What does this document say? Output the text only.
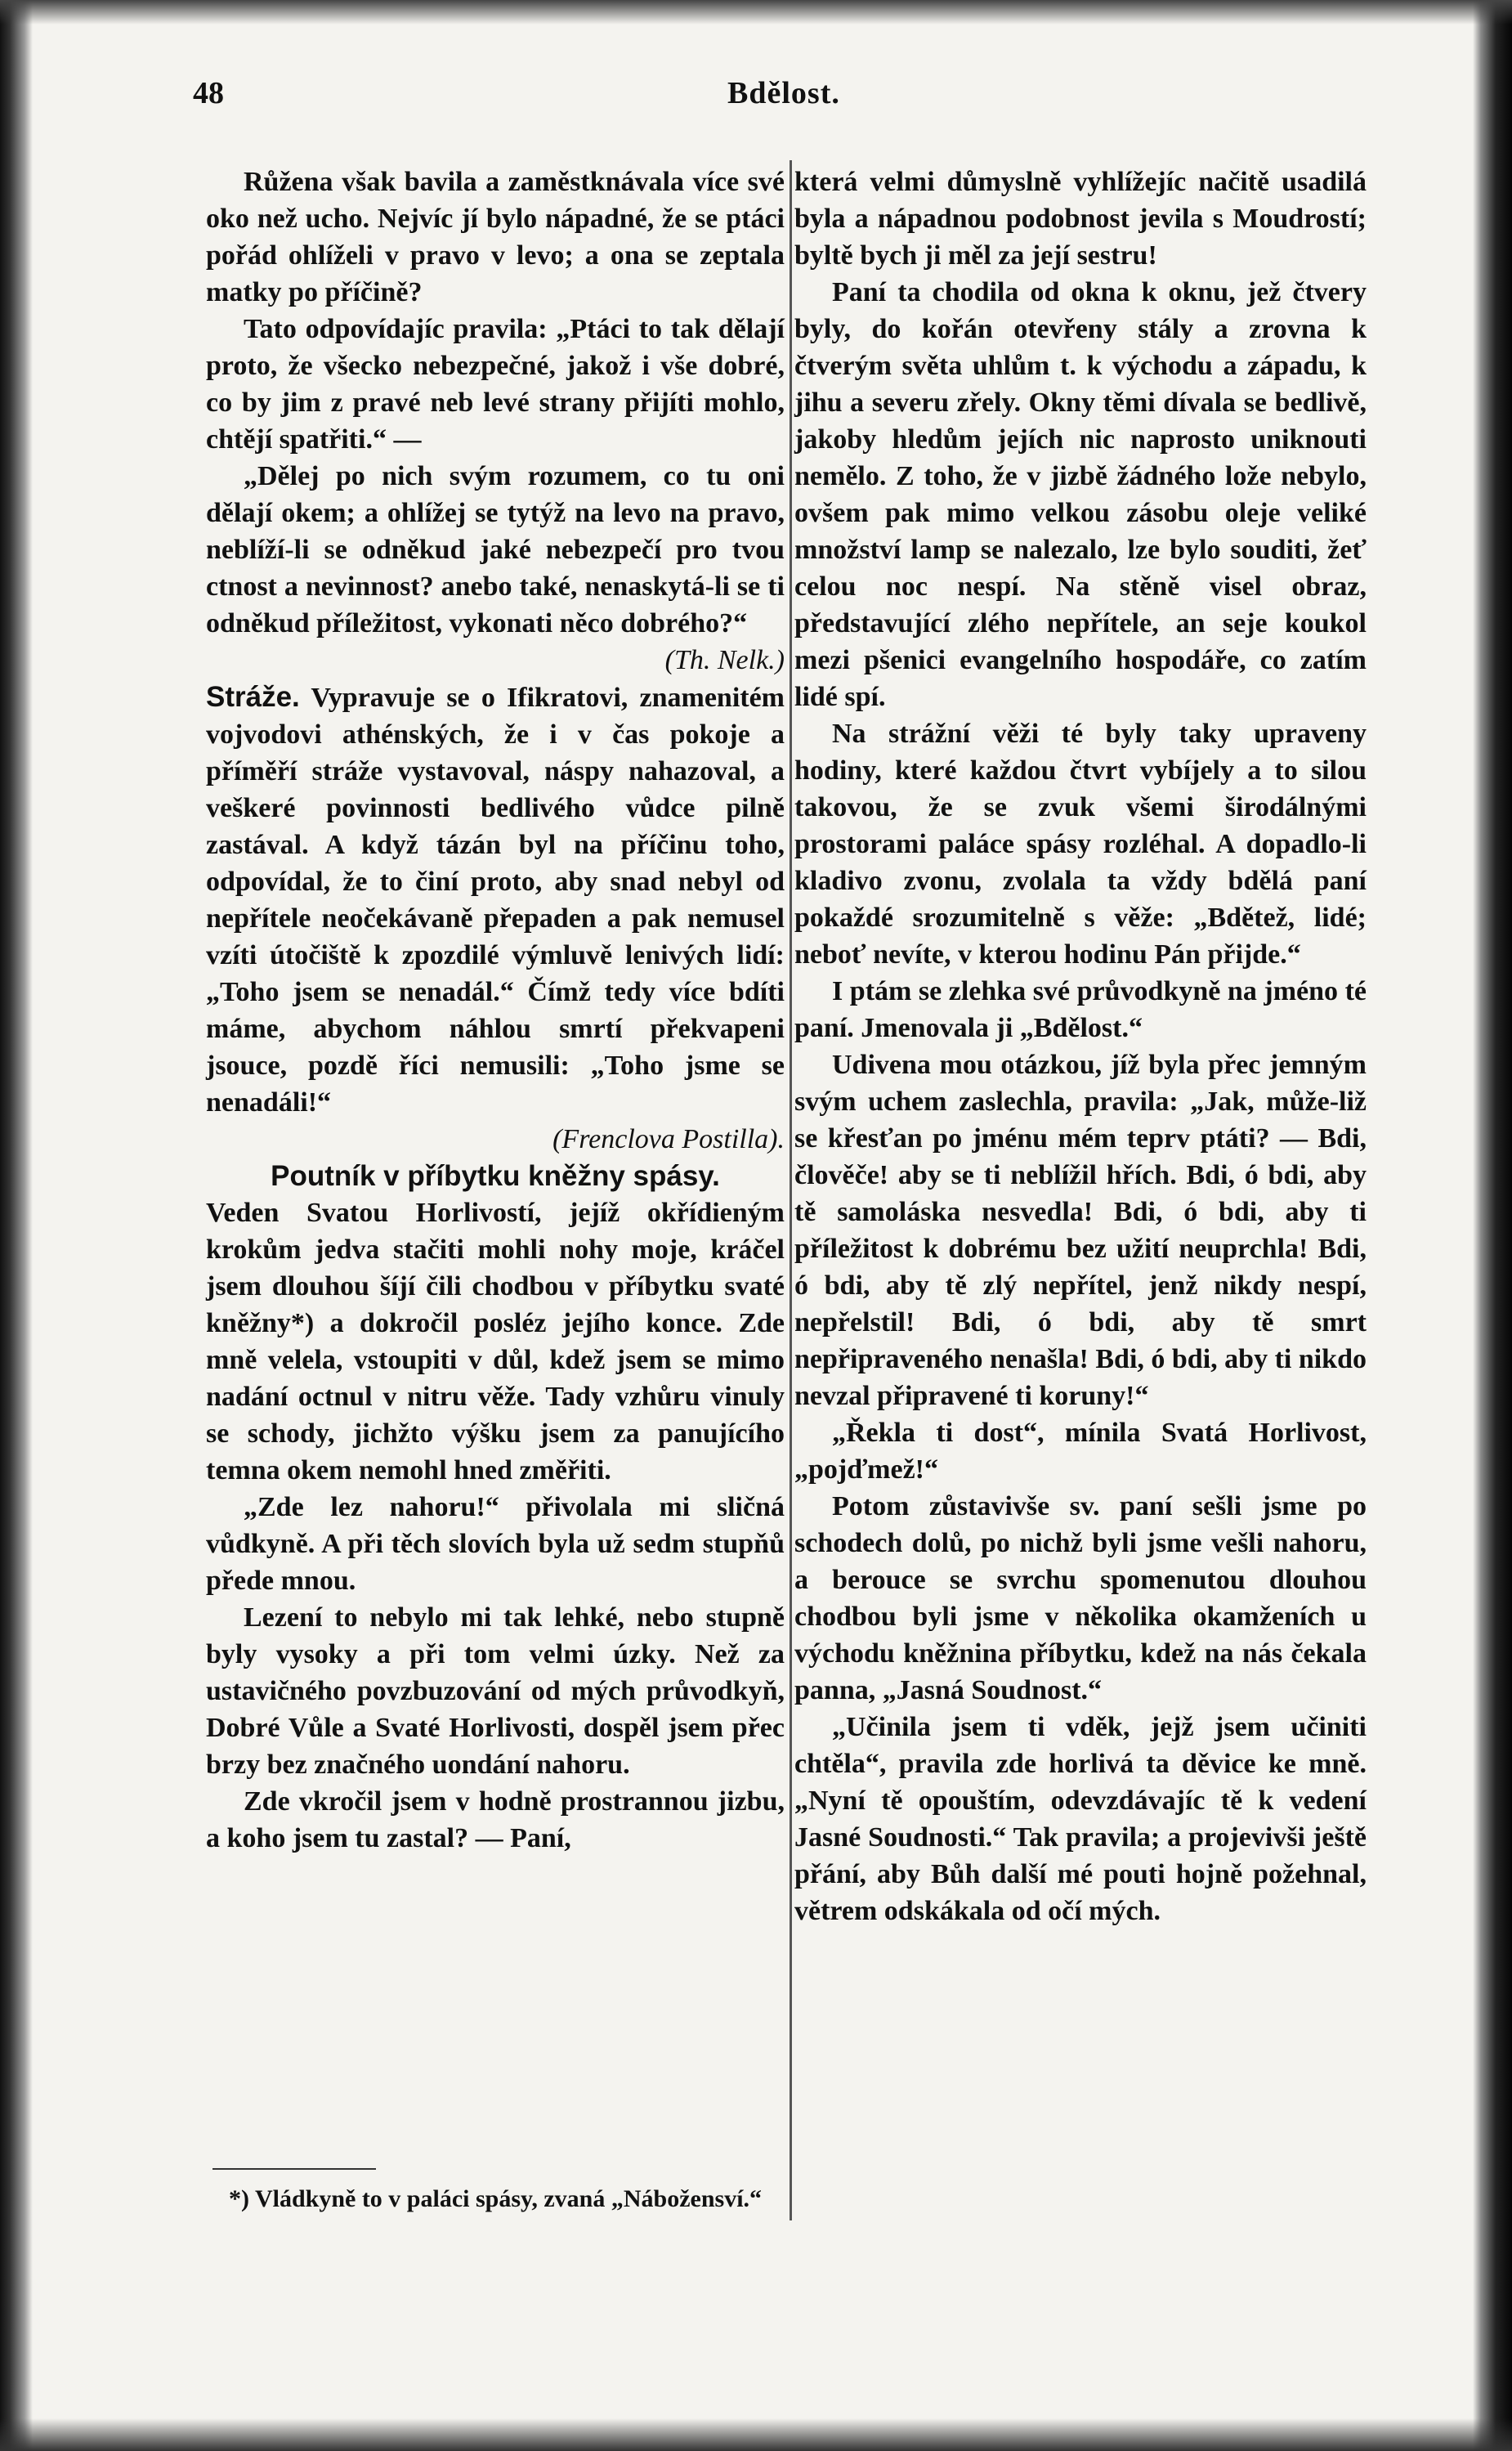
48	Bdělost.

Růžena však bavila a zaměstknávala více své oko než ucho. Nejvíc jí bylo nápadné, že se ptáci pořád ohlíželi v pravo v levo; a ona se zeptala matky po příčině?

Tato odpovídajíc pravila: „Ptáci to tak dělají proto, že všecko nebezpečné, jakož i vše dobré, co by jim z pravé neb levé strany přijíti mohlo, chtějí spatřiti.“ —

„Dělej po nich svým rozumem, co tu oni dělají okem; a ohlížej se tytýž na levo na pravo, neblíží-li se odněkud jaké nebezpečí pro tvou ctnost a nevinnost? anebo také, nenaskytá-li se ti odněkud příležitost, vykonati něco dobrého?“

(Th. Nelk.)

Stráže. Vypravuje se o Ifikratovi, znamenitém vojvodovi athénských, že i v čas pokoje a příměří stráže vystavoval, náspy nahazoval, a veškeré povinnosti bedlivého vůdce pilně zastával. A když tázán byl na příčinu toho, odpovídal, že to činí proto, aby snad nebyl od nepřítele neočekávaně přepaden a pak nemusel vzíti útočiště k zpozdilé výmluvě lenivých lidí: „Toho jsem se nenadál.“ Čímž tedy více bdíti máme, abychom náhlou smrtí překvapeni jsouce, pozdě říci nemusili: „Toho jsme se nenadáli!“

(Frenclova Postilla).

Poutník v příbytku kněžny spásy.

Veden Svatou Horlivostí, jejíž okřídieným krokům jedva stačiti mohli nohy moje, kráčel jsem dlouhou šíjí čili chodbou v příbytku svaté kněžny*) a dokročil posléz jejího konce. Zde mně velela, vstoupiti v důl, kdež jsem se mimo nadání octnul v nitru věže. Tady vzhůru vinuly se schody, jichžto výšku jsem za panujícího temna okem nemohl hned změřiti.

„Zde lez nahoru!“ přivolala mi sličná vůdkyně. A při těch slovích byla už sedm stupňů přede mnou.

Lezení to nebylo mi tak lehké, nebo stupně byly vysoky a při tom velmi úzky. Než za ustavičného povzbuzování od mých průvodkyň, Dobré Vůle a Svaté Horlivosti, dospěl jsem přec brzy bez značného uondání nahoru.

Zde vkročil jsem v hodně prostrannou jizbu, a koho jsem tu zastal? — Paní,

*) Vládkyně to v paláci spásy, zvaná „Nábožensví.“

která velmi důmyslně vyhlížejíc načitě usadilá byla a nápadnou podobnost jevila s Moudrostí; byltě bych ji měl za její sestru!

Paní ta chodila od okna k oknu, jež čtvery byly, do kořán otevřeny stály a zrovna k čtverým světa uhlům t. k východu a západu, k jihu a severu zřely. Okny těmi dívala se bedlivě, jakoby hledům jejích nic naprosto uniknouti nemělo. Z toho, že v jizbě žádného lože nebylo, ovšem pak mimo velkou zásobu oleje veliké množství lamp se nalezalo, lze bylo souditi, žeť celou noc nespí. Na stěně visel obraz, představující zlého nepřítele, an seje koukol mezi pšenici evangelního hospodáře, co zatím lidé spí.

Na strážní věži té byly taky upraveny hodiny, které každou čtvrt vybíjely a to silou takovou, že se zvuk všemi širodálnými prostorami paláce spásy rozléhal. A dopadlo-li kladivo zvonu, zvolala ta vždy bdělá paní pokaždé srozumitelně s věže: „Bdětež, lidé; neboť nevíte, v kterou hodinu Pán přijde.“

I ptám se zlehka své průvodkyně na jméno té paní. Jmenovala ji „Bdělost.“

Udivena mou otázkou, jíž byla přec jemným svým uchem zaslechla, pravila: „Jak, může-liž se křesťan po jménu mém teprv ptáti? — Bdi, člověče! aby se ti neblížil hřích. Bdi, ó bdi, aby tě samoláska nesvedla! Bdi, ó bdi, aby ti příležitost k dobrému bez užití neuprchla! Bdi, ó bdi, aby tě zlý nepřítel, jenž nikdy nespí, nepřelstil! Bdi, ó bdi, aby tě smrt nepřipraveného nenašla! Bdi, ó bdi, aby ti nikdo nevzal připravené ti koruny!“

„Řekla ti dost“, mínila Svatá Horlivost, „pojďmež!“

Potom zůstavivše sv. paní sešli jsme po schodech dolů, po nichž byli jsme vešli nahoru, a berouce se svrchu spomenutou dlouhou chodbou byli jsme v několika okamženích u východu kněžnina příbytku, kdež na nás čekala panna, „Jasná Soudnost.“

„Učinila jsem ti vděk, jejž jsem učiniti chtěla“, pravila zde horlivá ta děvice ke mně. „Nyní tě opouštím, odevzdávajíc tě k vedení Jasné Soudnosti.“ Tak pravila; a projevivši ještě přání, aby Bůh další mé pouti hojně požehnal, větrem odskákala od očí mých.
